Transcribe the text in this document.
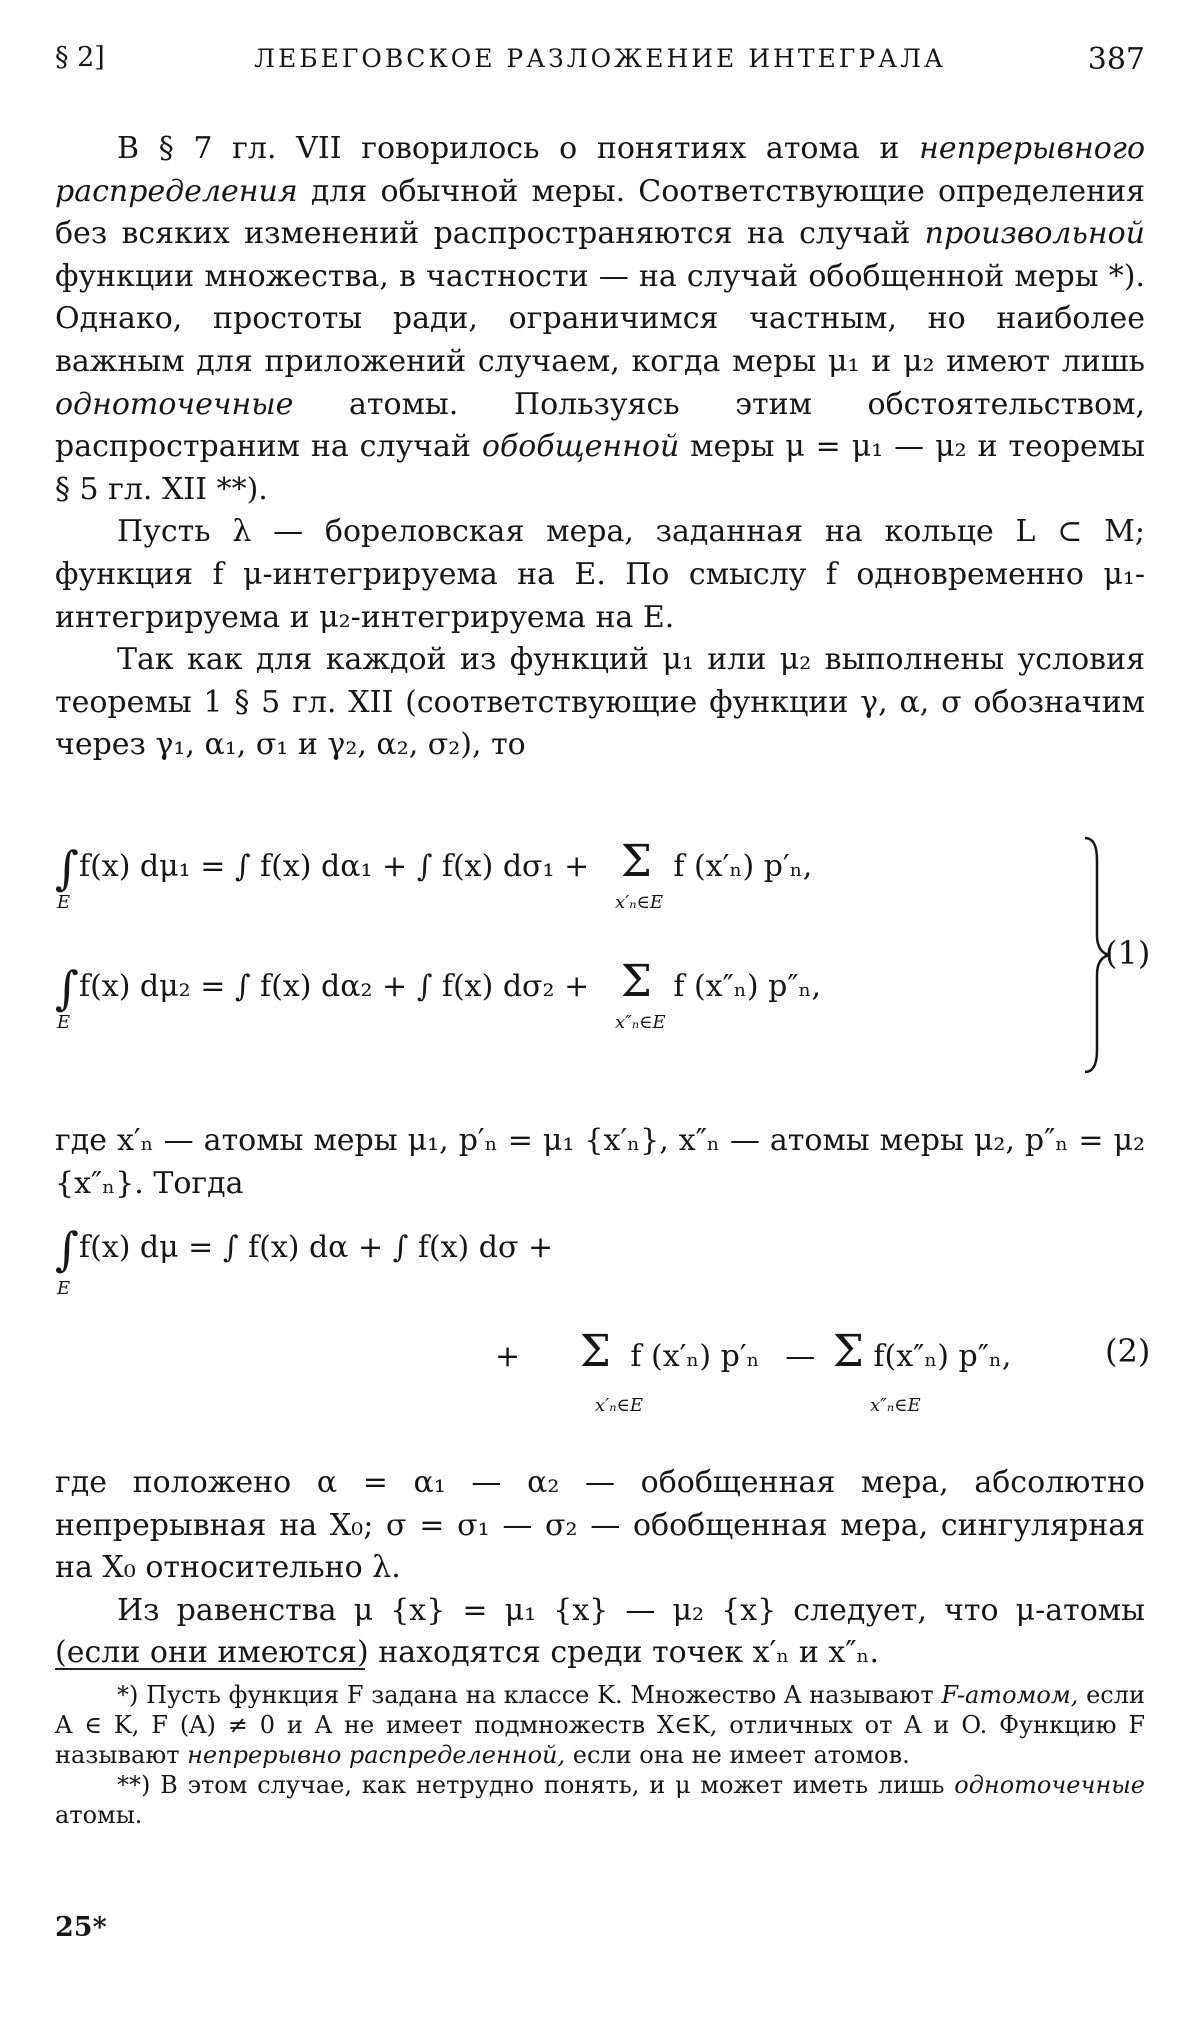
§ 2]	ЛЕБЕГОВСКОЕ РАЗЛОЖЕНИЕ ИНТЕГРАЛА	387

В § 7 гл. VII говорилось о понятиях атома и непрерывного распределения для обычной меры. Соответствующие определения без всяких изменений распространяются на случай произвольной функции множества, в частности — на случай обобщенной меры *). Однако, простоты ради, ограничимся частным, но наиболее важным для приложений случаем, когда меры μ₁ и μ₂ имеют лишь одноточечные атомы. Пользуясь этим обстоятельством, распространим на случай обобщенной меры μ = μ₁ — μ₂ и теоремы § 5 гл. XII **).

Пусть λ — бореловская мера, заданная на кольце L ⊂ M; функция f μ-интегрируема на E. По смыслу f одновременно μ₁-интегрируема и μ₂-интегрируема на E.

Так как для каждой из функций μ₁ или μ₂ выполнены условия теоремы 1 § 5 гл. XII (соответствующие функции γ, α, σ обозначим через γ₁, α₁, σ₁ и γ₂, α₂, σ₂), то

∫f(x) dμ₁ = ∫ f(x) dα₁ + ∫ f(x) dσ₁ + Σ f (x′ₙ) p′ₙ,
E	x′ₙ∈E
∫f(x) dμ₂ = ∫ f(x) dα₂ + ∫ f(x) dσ₂ + Σ f (x″ₙ) p″ₙ,
E	x″ₙ∈E
(1)

где x′ₙ — атомы меры μ₁, p′ₙ = μ₁ {x′ₙ}, x″ₙ — атомы меры μ₂, p″ₙ = μ₂ {x″ₙ}. Тогда

∫f(x) dμ = ∫ f(x) dα + ∫ f(x) dσ +
E
+ Σ f (x′ₙ) p′ₙ — Σ f(x″ₙ) p″ₙ,
x′ₙ∈E	x″ₙ∈E
(2)

где положено α = α₁ — α₂ — обобщенная мера, абсолютно непрерывная на X₀; σ = σ₁ — σ₂ — обобщенная мера, сингулярная на X₀ относительно λ.

Из равенства μ {x} = μ₁ {x} — μ₂ {x} следует, что μ-атомы (если они имеются) находятся среди точек x′ₙ и x″ₙ.

*) Пусть функция F задана на классе K. Множество A называют F-атомом, если A ∈ K, F (A) ≠ 0 и A не имеет подмножеств X∈K, отличных от A и O. Функцию F называют непрерывно распределенной, если она не имеет атомов.

**) В этом случае, как нетрудно понять, и μ может иметь лишь одноточечные атомы.

25*
